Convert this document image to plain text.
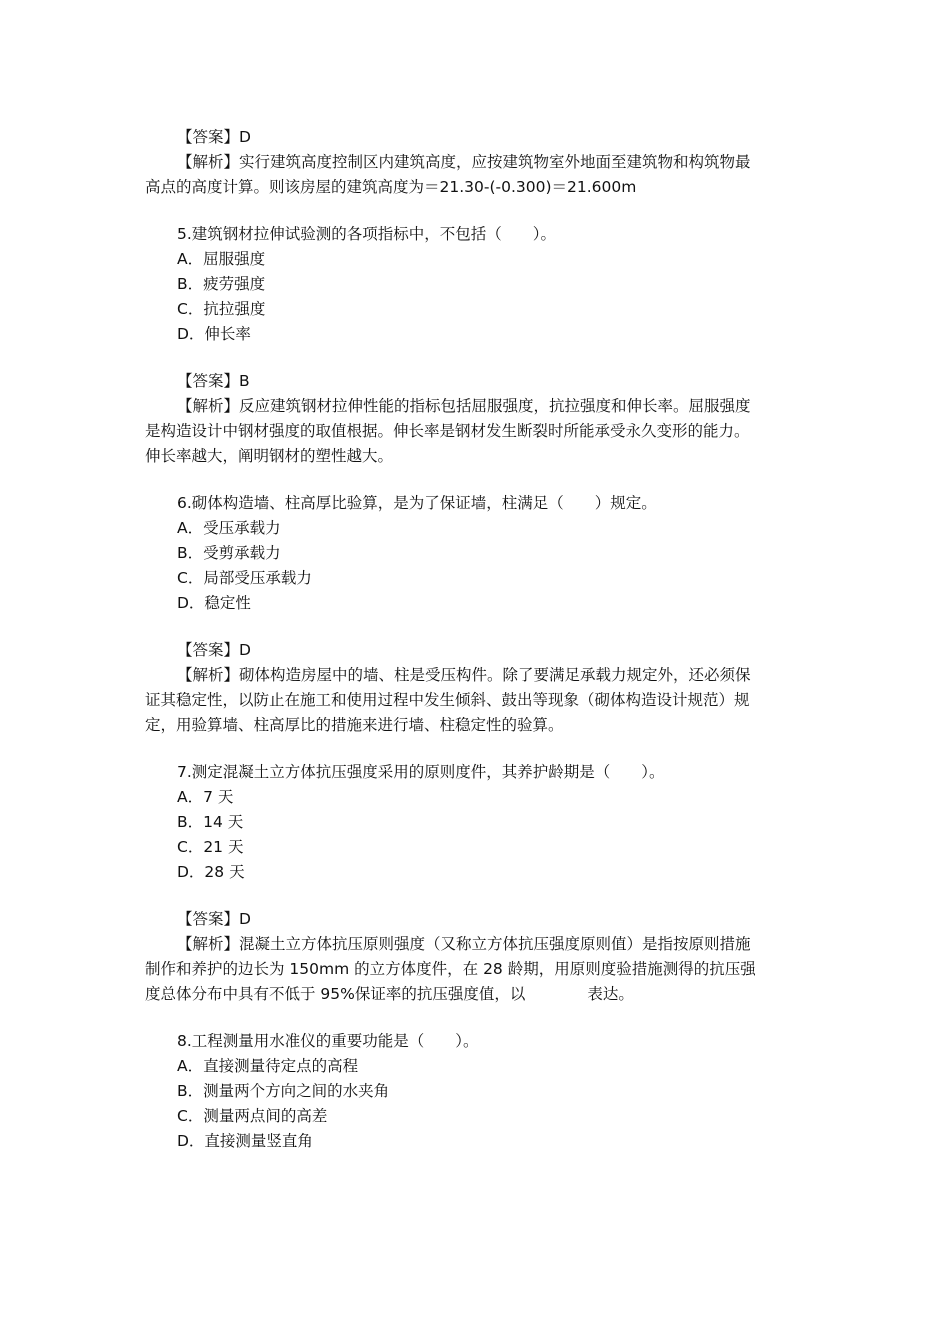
【答案】D
【解析】实行建筑高度控制区内建筑高度，应按建筑物室外地面至建筑物和构筑物最
高点的高度计算。则该房屋的建筑高度为＝21.30-(-0.300)＝21.600m
5.建筑钢材拉伸试验测的各项指标中，不包括（　　）。
A．屈服强度
B．疲劳强度
C．抗拉强度
D．伸长率
【答案】B
【解析】反应建筑钢材拉伸性能的指标包括屈服强度，抗拉强度和伸长率。屈服强度
是构造设计中钢材强度的取值根据。伸长率是钢材发生断裂时所能承受永久变形的能力。
伸长率越大，阐明钢材的塑性越大。
6.砌体构造墙、柱高厚比验算，是为了保证墙，柱满足（　　）规定。
A．受压承载力
B．受剪承载力
C．局部受压承载力
D．稳定性
【答案】D
【解析】砌体构造房屋中的墙、柱是受压构件。除了要满足承载力规定外，还必须保
证其稳定性，以防止在施工和使用过程中发生倾斜、鼓出等现象（砌体构造设计规范）规
定，用验算墙、柱高厚比的措施来进行墙、柱稳定性的验算。
7.测定混凝土立方体抗压强度采用的原则度件，其养护龄期是（　　）。
A．7 天
B．14 天
C．21 天
D．28 天
【答案】D
【解析】混凝土立方体抗压原则强度（又称立方体抗压强度原则值）是指按原则措施
制作和养护的边长为 150mm 的立方体度件，在 28 龄期，用原则度验措施测得的抗压强
度总体分布中具有不低于 95%保证率的抗压强度值，以　　　　表达。
8.工程测量用水准仪的重要功能是（　　）。
A．直接测量待定点的高程
B．测量两个方向之间的水夹角
C．测量两点间的高差
D．直接测量竖直角
